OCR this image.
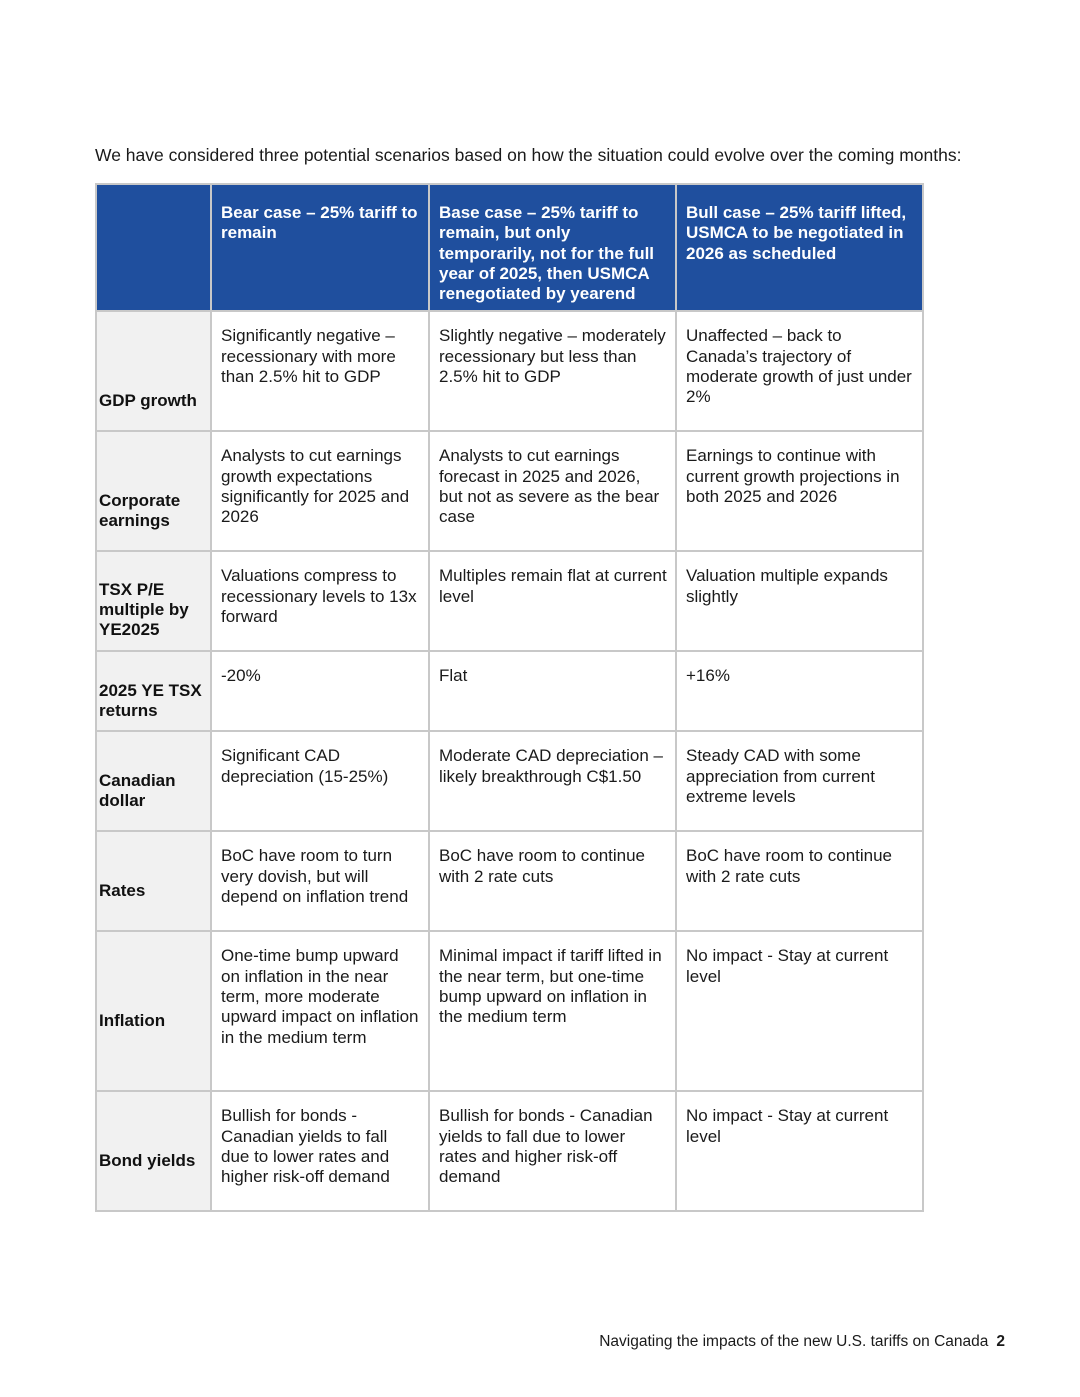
We have considered three potential scenarios based on how the situation could evolve over the coming months:

	Bear case – 25% tariff to remain	Base case – 25% tariff to remain, but only temporarily, not for the full year of 2025, then USMCA renegotiated by yearend	Bull case – 25% tariff lifted, USMCA to be negotiated in 2026 as scheduled

GDP growth	Significantly negative – recessionary with more than 2.5% hit to GDP	Slightly negative – moderately recessionary but less than 2.5% hit to GDP	Unaffected – back to Canada’s trajectory of moderate growth of just under 2%

Corporate earnings	Analysts to cut earnings growth expectations significantly for 2025 and 2026	Analysts to cut earnings forecast in 2025 and 2026, but not as severe as the bear case	Earnings to continue with current growth projections in both 2025 and 2026

TSX P/E multiple by YE2025	Valuations compress to recessionary levels to 13x forward	Multiples remain flat at current level	Valuation multiple expands slightly

2025 YE TSX returns	-20%	Flat	+16%

Canadian dollar	Significant CAD depreciation (15-25%)	Moderate CAD depreciation – likely breakthrough C$1.50	Steady CAD with some appreciation from current extreme levels

Rates	BoC have room to turn very dovish, but will depend on inflation trend	BoC have room to continue with 2 rate cuts	BoC have room to continue with 2 rate cuts

Inflation	One-time bump upward on inflation in the near term, more moderate upward impact on inflation in the medium term	Minimal impact if tariff lifted in the near term, but one-time bump upward on inflation in the medium term	No impact - Stay at current level

Bond yields	Bullish for bonds - Canadian yields to fall due to lower rates and higher risk-off demand	Bullish for bonds - Canadian yields to fall due to lower rates and higher risk-off demand	No impact - Stay at current level
Navigating the impacts of the new U.S. tariffs on Canada 2
